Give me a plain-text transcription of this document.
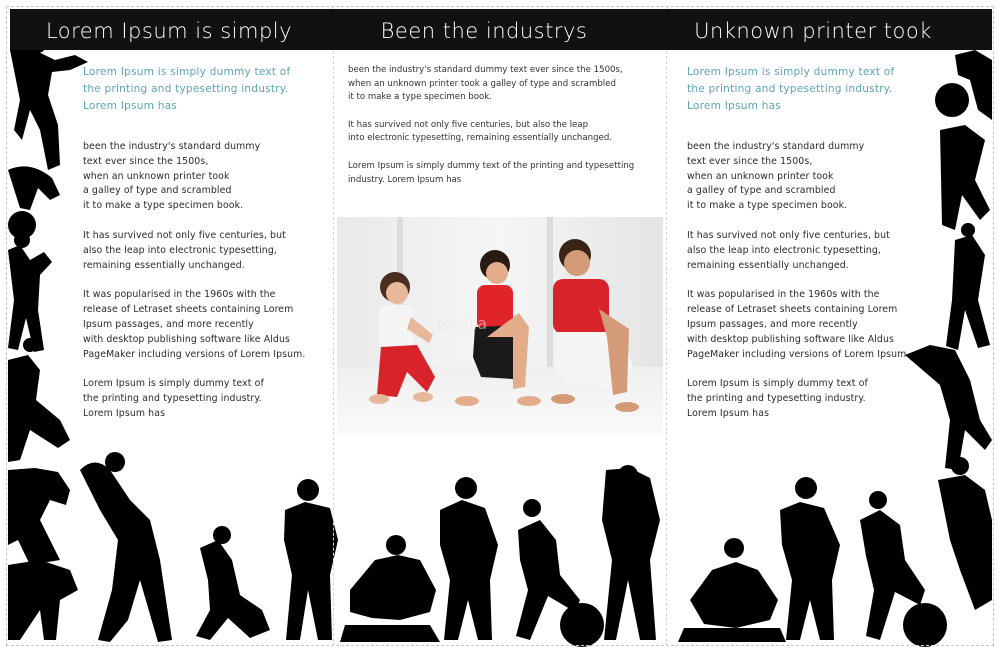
Lorem Ipsum is simply	Been the industrys	Unknown printer took
Lorem Ipsum is simply dummy text of
the printing and typesetting industry.
Lorem Ipsum has
been the industry's standard dummy
text ever since the 1500s,
when an unknown printer took
a galley of type and scrambled
it to make a type specimen book.
It has survived not only five centuries, but
also the leap into electronic typesetting,
remaining essentially unchanged.
It was popularised in the 1960s with the
release of Letraset sheets containing Lorem
Ipsum passages, and more recently
with desktop publishing software like Aldus
PageMaker including versions of Lorem Ipsum.
Lorem Ipsum is simply dummy text of
the printing and typesetting industry.
Lorem Ipsum has
been the industry's standard dummy text ever since the 1500s,
when an unknown printer took a galley of type and scrambled
it to make a type specimen book.
It has survived not only five centuries, but also the leap
into electronic typesetting, remaining essentially unchanged.
Lorem Ipsum is simply dummy text of the printing and typesetting
industry. Lorem Ipsum has
fotolia
Lorem Ipsum is simply dummy text of
the printing and typesetting industry.
Lorem Ipsum has
been the industry's standard dummy
text ever since the 1500s,
when an unknown printer took
a galley of type and scrambled
it to make a type specimen book.
It has survived not only five centuries, but
also the leap into electronic typesetting,
remaining essentially unchanged.
It was popularised in the 1960s with the
release of Letraset sheets containing Lorem
Ipsum passages, and more recently
with desktop publishing software like Aldus
PageMaker including versions of Lorem Ipsum.
Lorem Ipsum is simply dummy text of
the printing and typesetting industry.
Lorem Ipsum has
